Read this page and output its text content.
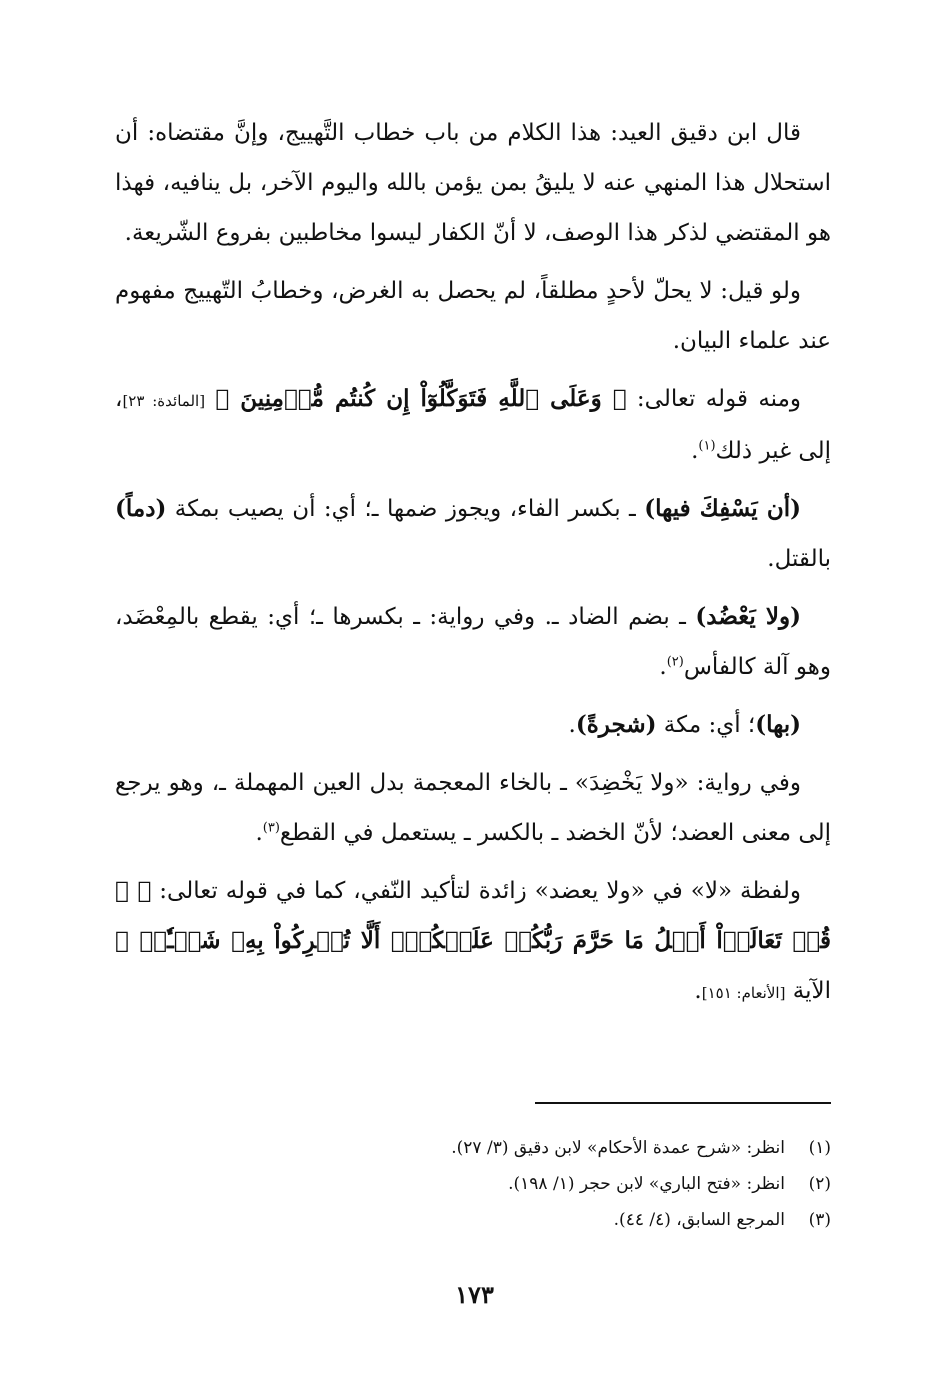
قال ابن دقيق العيد: هذا الكلام من باب خطاب التَّهييج، وإنَّ مقتضاه: أن استحلال هذا المنهي عنه لا يليقُ بمن يؤمن بالله واليوم الآخر، بل ينافيه، فهذا هو المقتضي لذكر هذا الوصف، لا أنّ الكفار ليسوا مخاطبين بفروع الشّريعة.

ولو قيل: لا يحلّ لأحدٍ مطلقاً، لم يحصل به الغرض، وخطابُ التّهييج مفهوم عند علماء البيان.

ومنه قوله تعالى: ﴿ وَعَلَى ٱللَّهِ فَتَوَكَّلُوٓاْ إِن كُنتُم مُّؤۡمِنِينَ ﴾ [المائدة: ٢٣]، إلى غير ذلك$^{(١)}$.

(أن يَسْفِكَ فيها) ـ بكسر الفاء، ويجوز ضمها ـ؛ أي: أن يصيب بمكة (دماً) بالقتل.

(ولا يَعْضُد) ـ بضم الضاد ـ. وفي رواية: ـ بكسرها ـ؛ أي: يقطع بالمِعْضَد، وهو آلة كالفأس$^{(٢)}$.

(بها)؛ أي: مكة (شجرةً).

وفي رواية: «ولا يَخْضِدَ» ـ بالخاء المعجمة بدل العين المهملة ـ، وهو يرجع إلى معنى العضد؛ لأنّ الخضد ـ بالكسر ـ يستعمل في القطع$^{(٣)}$.

ولفظة «لا» في «ولا يعضد» زائدة لتأكيد النّفي، كما في قوله تعالى: ﴿ ۞ قُلۡ تَعَالَوۡاْ أَتۡلُ مَا حَرَّمَ رَبُّكُمۡ عَلَيۡكُمۡۖ أَلَّا تُشۡرِكُواْ بِهِۦ شَيۡـٔٗاۖ ﴾ الآية [الأنعام: ١٥١].

(١)
انظر: «شرح عمدة الأحكام» لابن دقيق (٣/ ٢٧).
(٢)
انظر: «فتح الباري» لابن حجر (١/ ١٩٨).
(٣)
المرجع السابق، (٤/ ٤٤).
١٧٣
